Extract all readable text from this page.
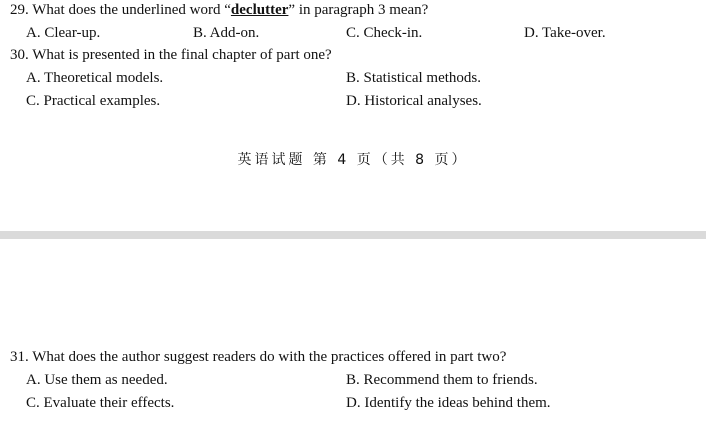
29. What does the underlined word “declutter” in paragraph 3 mean?
A. Clear-up.	B. Add-on.	C. Check-in.	D. Take-over.
30. What is presented in the final chapter of part one?
A. Theoretical models.	B. Statistical methods.
C. Practical examples.	D. Historical analyses.
英语试题 第 4 页（共 8 页）
31. What does the author suggest readers do with the practices offered in part two?
A. Use them as needed.	B. Recommend them to friends.
C. Evaluate their effects.	D. Identify the ideas behind them.
